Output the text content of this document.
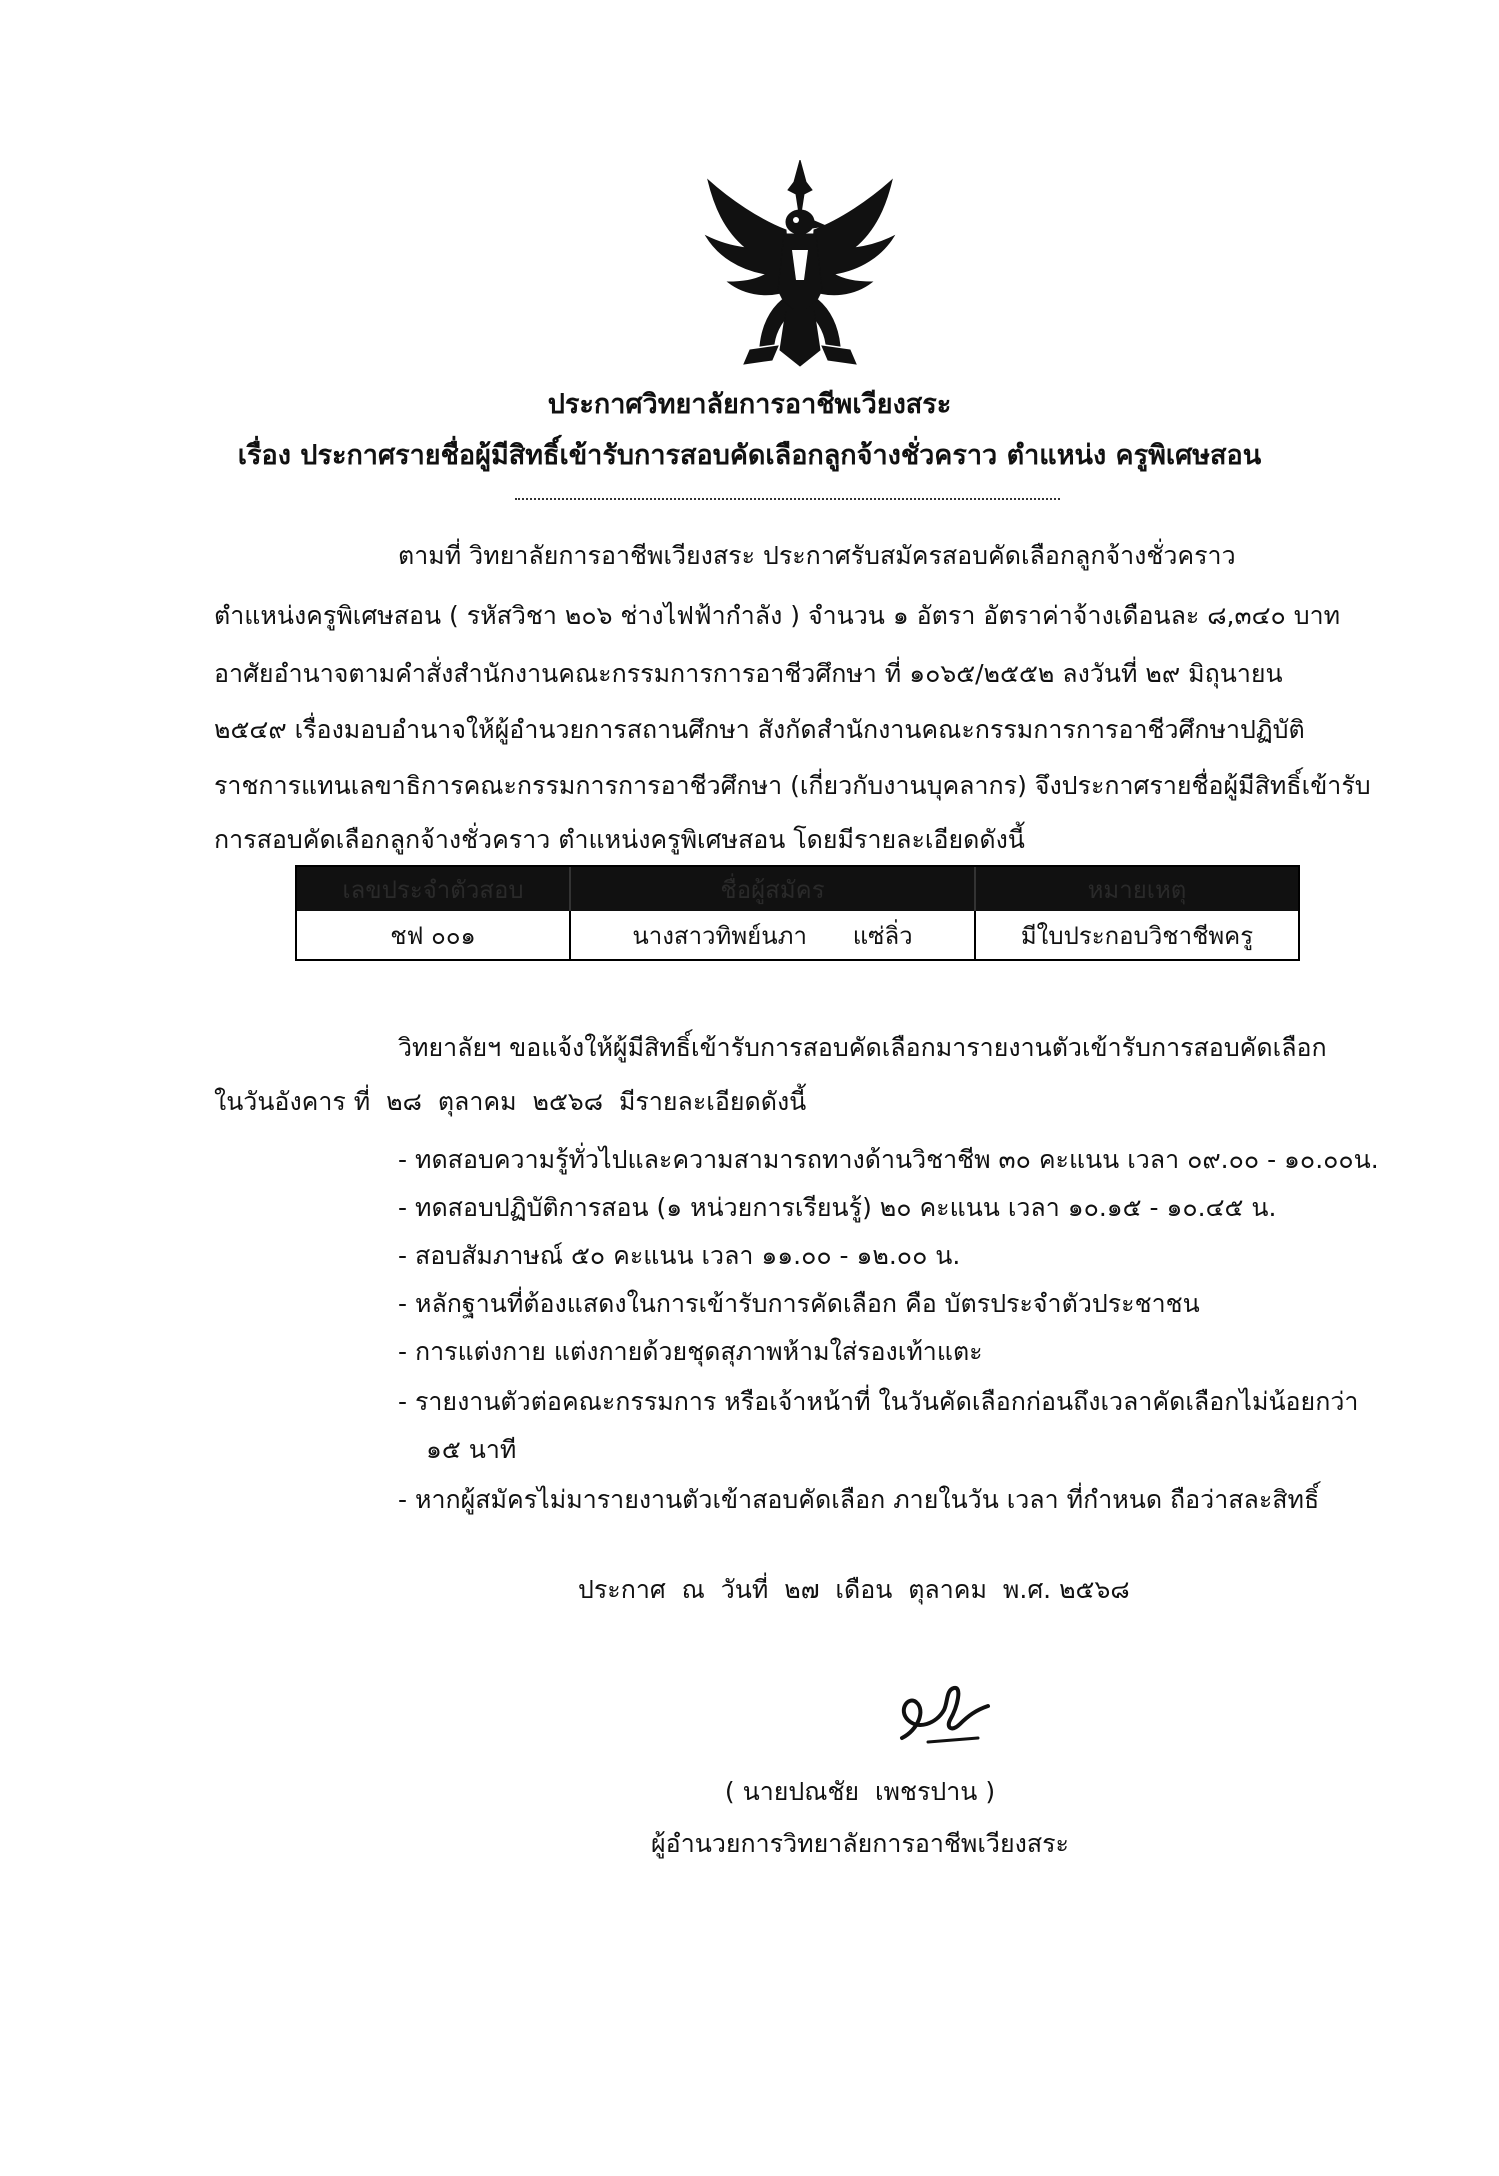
ประกาศวิทยาลัยการอาชีพเวียงสระ
เรื่อง ประกาศรายชื่อผู้มีสิทธิ์เข้ารับการสอบคัดเลือกลูกจ้างชั่วคราว ตำแหน่ง ครูพิเศษสอน
ตามที่ วิทยาลัยการอาชีพเวียงสระ ประกาศรับสมัครสอบคัดเลือกลูกจ้างชั่วคราว
ตำแหน่งครูพิเศษสอน ( รหัสวิชา ๒๐๖ ช่างไฟฟ้ากำลัง ) จำนวน ๑ อัตรา อัตราค่าจ้างเดือนละ ๘,๓๔๐ บาท
อาศัยอำนาจตามคำสั่งสำนักงานคณะกรรมการการอาชีวศึกษา ที่ ๑๐๖๕/๒๕๕๒ ลงวันที่ ๒๙ มิถุนายน
๒๕๔๙ เรื่องมอบอำนาจให้ผู้อำนวยการสถานศึกษา สังกัดสำนักงานคณะกรรมการการอาชีวศึกษาปฏิบัติ
ราชการแทนเลขาธิการคณะกรรมการการอาชีวศึกษา (เกี่ยวกับงานบุคลากร) จึงประกาศรายชื่อผู้มีสิทธิ์เข้ารับ
การสอบคัดเลือกลูกจ้างชั่วคราว ตำแหน่งครูพิเศษสอน โดยมีรายละเอียดดังนี้
เลขประจำตัวสอบ	ชื่อผู้สมัคร	หมายเหตุ
ชฟ ๐๐๑	นางสาวทิพย์นภา      แซ่ลิ่ว	มีใบประกอบวิชาชีพครู
วิทยาลัยฯ ขอแจ้งให้ผู้มีสิทธิ์เข้ารับการสอบคัดเลือกมารายงานตัวเข้ารับการสอบคัดเลือก
ในวันอังคาร ที่  ๒๘  ตุลาคม  ๒๕๖๘  มีรายละเอียดดังนี้
- ทดสอบความรู้ทั่วไปและความสามารถทางด้านวิชาชีพ ๓๐ คะแนน เวลา ๐๙.๐๐ - ๑๐.๐๐น.
- ทดสอบปฏิบัติการสอน (๑ หน่วยการเรียนรู้) ๒๐ คะแนน เวลา ๑๐.๑๕ - ๑๐.๔๕ น.
- สอบสัมภาษณ์ ๕๐ คะแนน เวลา ๑๑.๐๐ - ๑๒.๐๐ น.
- หลักฐานที่ต้องแสดงในการเข้ารับการคัดเลือก คือ บัตรประจำตัวประชาชน
- การแต่งกาย แต่งกายด้วยชุดสุภาพห้ามใส่รองเท้าแตะ
- รายงานตัวต่อคณะกรรมการ หรือเจ้าหน้าที่ ในวันคัดเลือกก่อนถึงเวลาคัดเลือกไม่น้อยกว่า
๑๕ นาที
- หากผู้สมัครไม่มารายงานตัวเข้าสอบคัดเลือก ภายในวัน เวลา ที่กำหนด ถือว่าสละสิทธิ์
ประกาศ  ณ  วันที่  ๒๗  เดือน  ตุลาคม  พ.ศ. ๒๕๖๘
( นายปณชัย  เพชรปาน )
ผู้อำนวยการวิทยาลัยการอาชีพเวียงสระ
